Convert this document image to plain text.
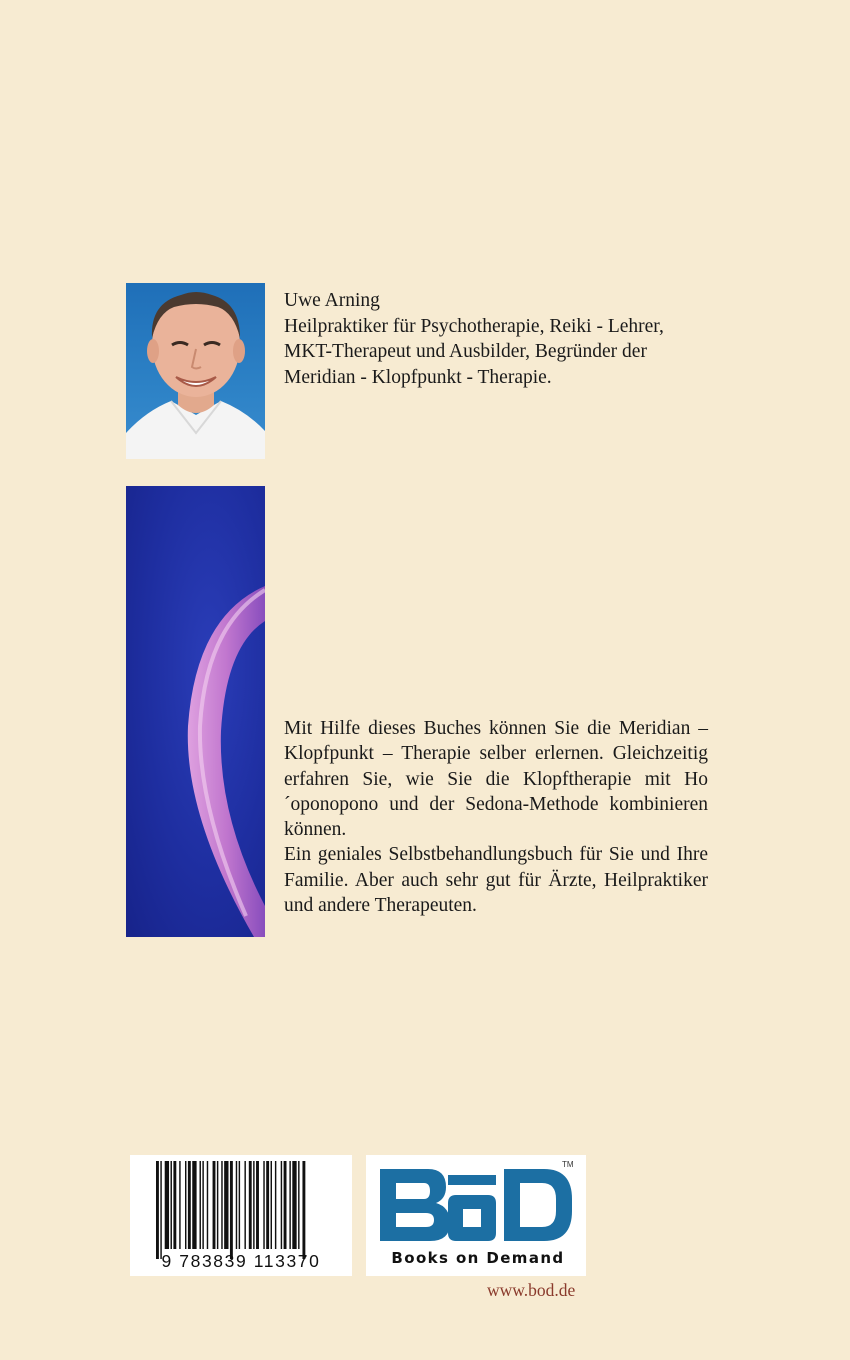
Uwe Arning
Heilpraktiker für Psychotherapie, Reiki - Lehrer,
MKT-Therapeut und Ausbilder, Begründer der
Meridian - Klopfpunkt - Therapie.

Mit Hilfe dieses Buches können Sie die Meridian – Klopfpunkt – Therapie selber erlernen. Gleichzeitig erfahren Sie, wie Sie die Klopftherapie mit Ho´oponopono und der Sedona-Methode kombinieren können.

Ein geniales Selbstbehandlungsbuch für Sie und Ihre Familie. Aber auch sehr gut für Ärzte, Heilpraktiker und andere Therapeuten.

9 783839 113370
TM
Books on Demand
www.bod.de
